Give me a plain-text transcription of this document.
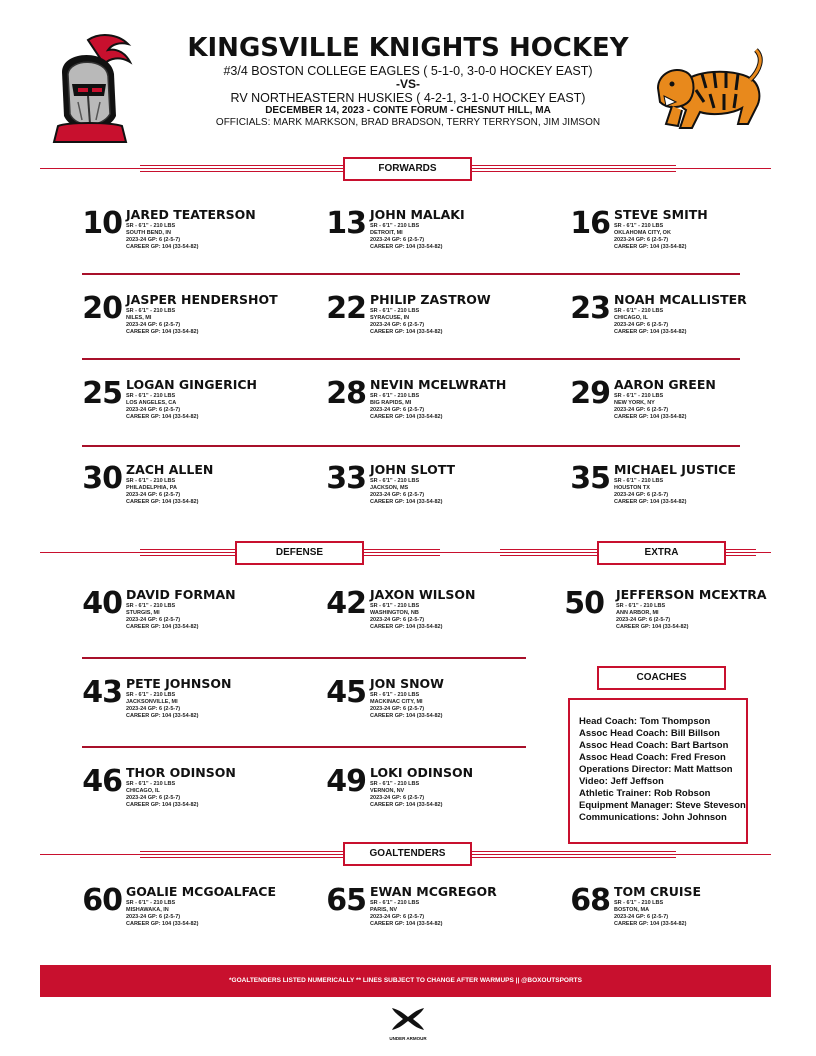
KINGSVILLE KNIGHTS HOCKEY
#3/4 BOSTON COLLEGE EAGLES ( 5-1-0, 3-0-0 HOCKEY EAST)
-VS-
RV NORTHEASTERN HUSKIES ( 4-2-1, 3-1-0 HOCKEY EAST)
DECEMBER 14, 2023 - CONTE FORUM - CHESNUT HILL, MA
OFFICIALS: MARK MARKSON, BRAD BRADSON, TERRY TERRYSON, JIM JIMSON
FORWARDS
10 JARED TEATERSON
SR - 6'1" - 210 LBS
SOUTH BEND, IN
2023-24 GP: 6 (2-5-7)
CAREER GP: 104 (33-54-82)
13 JOHN MALAKI
SR - 6'1" - 210 LBS
DETROIT, MI
2023-24 GP: 6 (2-5-7)
CAREER GP: 104 (33-54-82)
16 STEVE SMITH
SR - 6'1" - 210 LBS
OKLAHOMA CITY, OK
2023-24 GP: 6 (2-5-7)
CAREER GP: 104 (33-54-82)
20 JASPER HENDERSHOT
SR - 6'1" - 210 LBS
NILES, MI
2023-24 GP: 6 (2-5-7)
CAREER GP: 104 (33-54-82)
22 PHILIP ZASTROW
SR - 6'1" - 210 LBS
SYRACUSE, IN
2023-24 GP: 6 (2-5-7)
CAREER GP: 104 (33-54-82)
23 NOAH MCALLISTER
SR - 6'1" - 210 LBS
CHICAGO, IL
2023-24 GP: 6 (2-5-7)
CAREER GP: 104 (33-54-82)
25 LOGAN GINGERICH
SR - 6'1" - 210 LBS
LOS ANGELES, CA
2023-24 GP: 6 (2-5-7)
CAREER GP: 104 (33-54-82)
28 NEVIN MCELWRATH
SR - 6'1" - 210 LBS
BIG RAPIDS, MI
2023-24 GP: 6 (2-5-7)
CAREER GP: 104 (33-54-82)
29 AARON GREEN
SR - 6'1" - 210 LBS
NEW YORK, NY
2023-24 GP: 6 (2-5-7)
CAREER GP: 104 (33-54-82)
30 ZACH ALLEN
SR - 6'1" - 210 LBS
PHILADELPHIA, PA
2023-24 GP: 6 (2-5-7)
CAREER GP: 104 (33-54-82)
33 JOHN SLOTT
SR - 6'1" - 210 LBS
JACKSON, MS
2023-24 GP: 6 (2-5-7)
CAREER GP: 104 (33-54-82)
35 MICHAEL JUSTICE
SR - 6'1" - 210 LBS
HOUSTON TX
2023-24 GP: 6 (2-5-7)
CAREER GP: 104 (33-54-82)
DEFENSE	EXTRA
40 DAVID FORMAN
SR - 6'1" - 210 LBS
STURGIS, MI
2023-24 GP: 6 (2-5-7)
CAREER GP: 104 (33-54-82)
42 JAXON WILSON
SR - 6'1" - 210 LBS
WASHINGTON, NB
2023-24 GP: 6 (2-5-7)
CAREER GP: 104 (33-54-82)
43 PETE JOHNSON
SR - 6'1" - 210 LBS
JACKSONVILLE, MI
2023-24 GP: 6 (2-5-7)
CAREER GP: 104 (33-54-82)
45 JON SNOW
SR - 6'1" - 210 LBS
MACKINAC CITY, MI
2023-24 GP: 6 (2-5-7)
CAREER GP: 104 (33-54-82)
46 THOR ODINSON
SR - 6'1" - 210 LBS
CHICAGO, IL
2023-24 GP: 6 (2-5-7)
CAREER GP: 104 (33-54-82)
49 LOKI ODINSON
SR - 6'1" - 210 LBS
VERNON, NV
2023-24 GP: 6 (2-5-7)
CAREER GP: 104 (33-54-82)
50 JEFFERSON MCEXTRA
SR - 6'1" - 210 LBS
ANN ARBOR, MI
2023-24 GP: 6 (2-5-7)
CAREER GP: 104 (33-54-82)
COACHES
Head Coach: Tom Thompson
Assoc Head Coach: Bill Billson
Assoc Head Coach: Bart Bartson
Assoc Head Coach: Fred Freson
Operations Director: Matt Mattson
Video: Jeff Jeffson
Athletic Trainer: Rob Robson
Equipment Manager: Steve Steveson
Communications: John Johnson
GOALTENDERS
60 GOALIE MCGOALFACE
SR - 6'1" - 210 LBS
MISHAWAKA, IN
2023-24 GP: 6 (2-5-7)
CAREER GP: 104 (33-54-82)
65 EWAN MCGREGOR
SR - 6'1" - 210 LBS
PARIS, NV
2023-24 GP: 6 (2-5-7)
CAREER GP: 104 (33-54-82)
68 TOM CRUISE
SR - 6'1" - 210 LBS
BOSTON, MA
2023-24 GP: 6 (2-5-7)
CAREER GP: 104 (33-54-82)
*GOALTENDERS LISTED NUMERICALLY ** LINES SUBJECT TO CHANGE AFTER WARMUPS || @BOXOUTSPORTS
UNDER ARMOUR
